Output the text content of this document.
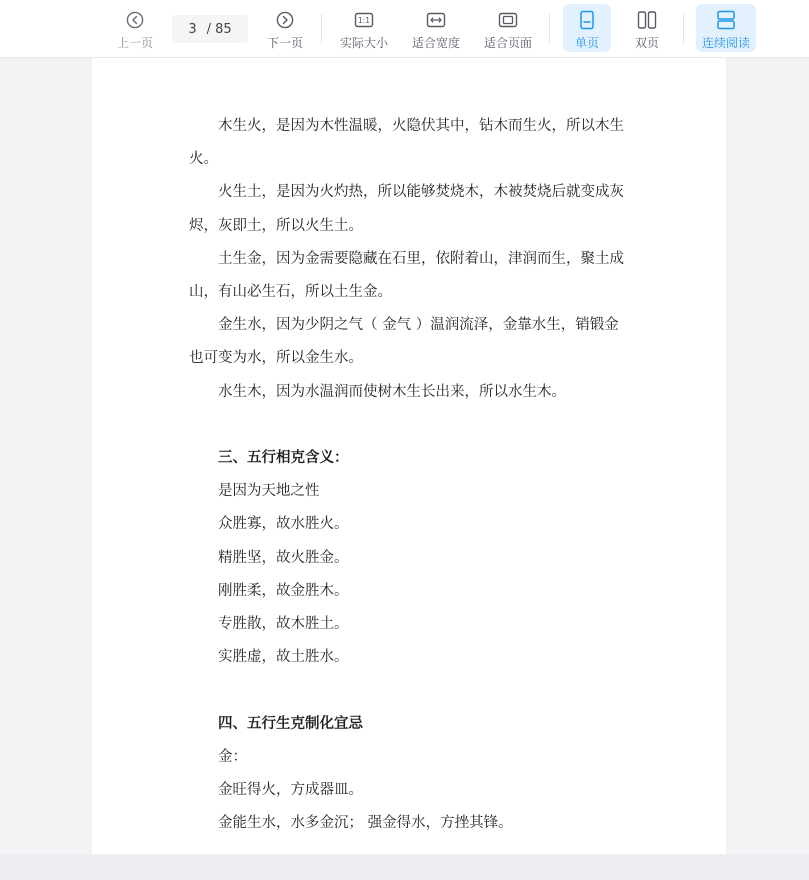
上一页
3 / 85
下一页
1:1
实际大小 适合宽度 适合页面	单页	双页	连续阅读

木生火，是因为木性温暖，火隐伏其中，钻木而生火，所以木生火。

火生土，是因为火灼热，所以能够焚烧木，木被焚烧后就变成灰烬，灰即土，所以火生土。

土生金，因为金需要隐藏在石里，依附着山，津润而生，聚土成山，有山必生石，所以土生金。

金生水，因为少阴之气（ 金气 ）温润流泽，金靠水生，销锻金也可变为水，所以金生水。

水生木，因为水温润而使树木生长出来，所以水生木。

三、五行相克含义：

是因为天地之性

众胜寡，故水胜火。

精胜坚，故火胜金。

刚胜柔，故金胜木。

专胜散，故木胜土。

实胜虚，故土胜水。

四、五行生克制化宜忌

金：

金旺得火，方成器皿。

金能生水，水多金沉； 强金得水，方挫其锋。
